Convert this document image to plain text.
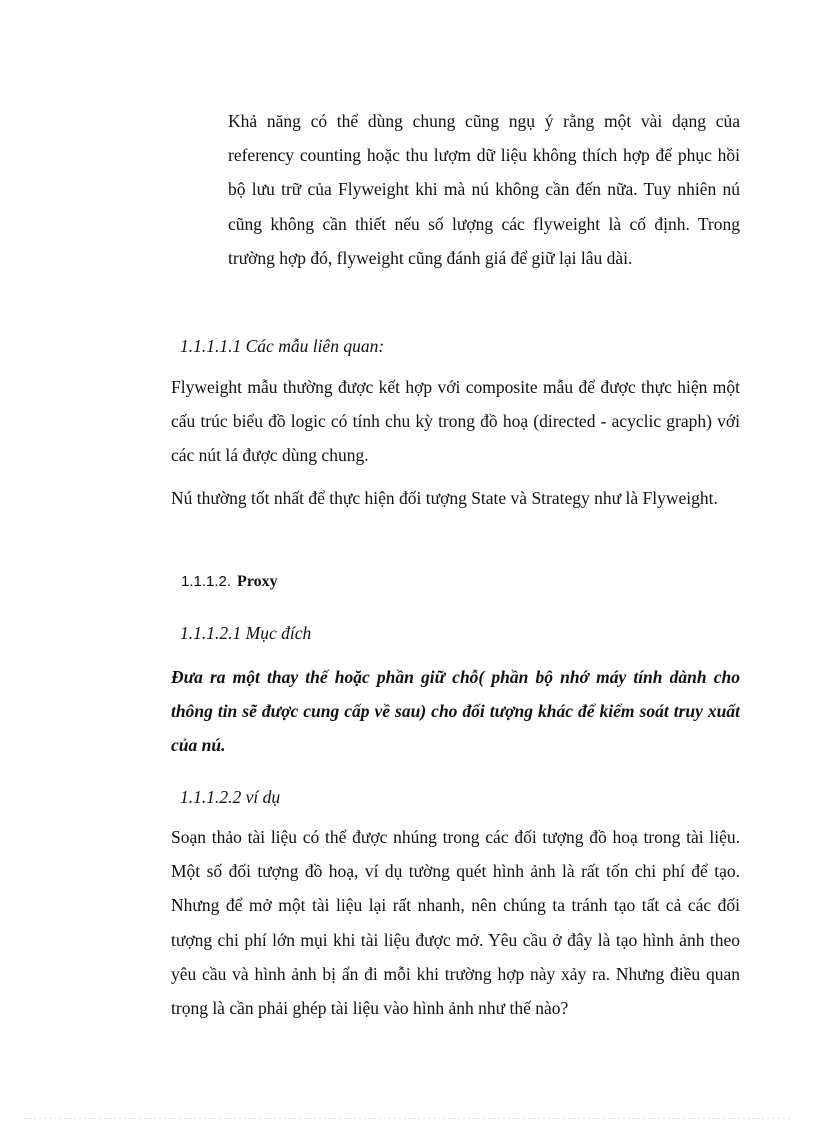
Khả năng có thể dùng chung cũng ngụ ý rằng một vài dạng của referency counting hoặc thu lượm dữ liệu không thích hợp để phục hồi bộ lưu trữ của Flyweight khi mà nú không cần đến nữa. Tuy nhiên nú cũng không cần thiết nếu số lượng các flyweight là cố định. Trong trường hợp đó, flyweight cũng đánh giá để giữ lại lâu dài.

1.1.1.1.1 Các mẫu liên quan:

Flyweight mẫu thường được kết hợp với composite mẫu để được thực hiện một cấu trúc biểu đồ logic có tính chu kỳ trong đồ hoạ (directed - acyclic graph) với các nút lá được dùng chung.

Nú thường tốt nhất để thực hiện đối tượng State và Strategy như là Flyweight.

1.1.1.2. Proxy

1.1.1.2.1 Mục đích

Đưa ra một thay thế hoặc phần giữ chỗ( phần bộ nhớ máy tính dành cho thông tin sẽ được cung cấp về sau) cho đối tượng khác để kiểm soát truy xuất của nú.

1.1.1.2.2 ví dụ

Soạn thảo tài liệu có thể được nhúng trong các đối tượng đồ hoạ trong tài liệu. Một số đối tượng đồ hoạ, ví dụ tường quét hình ảnh là rất tốn chi phí để tạo. Nhưng để mở một tài liệu lại rất nhanh, nên chúng ta tránh tạo tất cả các đối tượng chi phí lớn mụi khi tài liệu được mở. Yêu cầu ở đây là tạo hình ảnh theo yêu cầu và hình ảnh bị ẩn đi mỗi khi trường hợp này xảy ra. Nhưng điều quan trọng là cần phải ghép tài liệu vào hình ảnh như thế nào?
